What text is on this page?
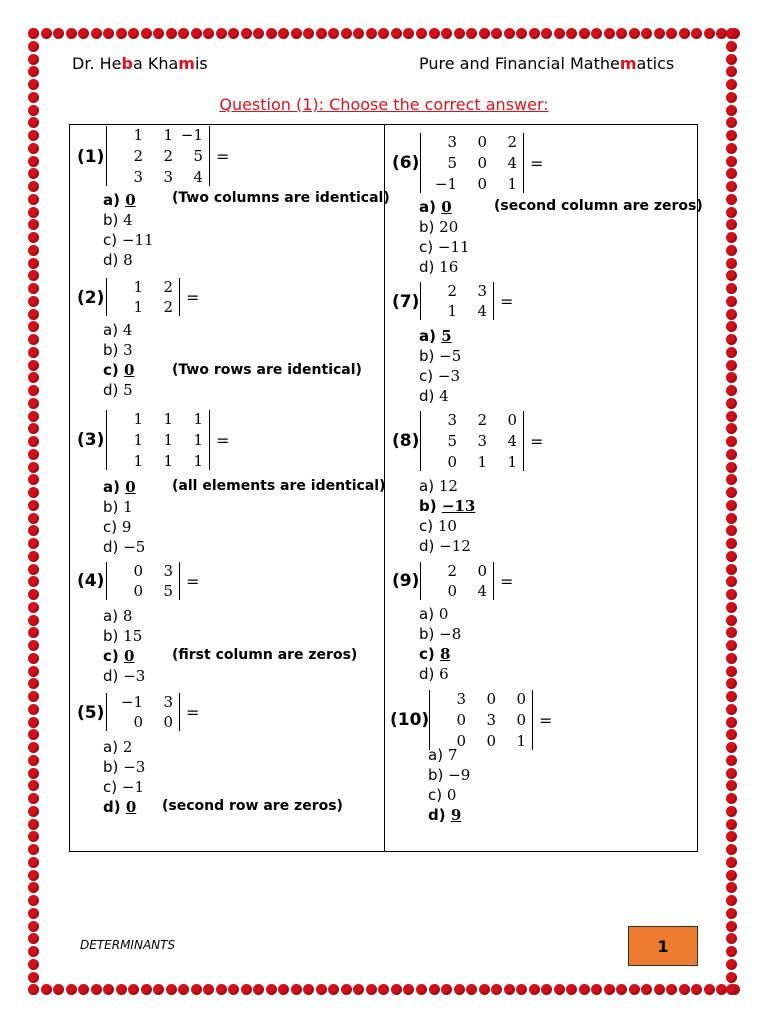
Dr. Heba Khamis	Pure and Financial Mathematics
Question (1): Choose the correct answer:
(1)
1	1 −1
2	2	5
3	3	4
=
a) 0
b) 4
c) −11
d) 8
(Two columns are identical)
(2)
1	2
1	2
=
a) 4
b) 3
c) 0
d) 5
(Two rows are identical)
(3)
1	1	1
1	1	1
1	1	1
=
a) 0
b) 1
c) 9
d) −5
(all elements are identical)
(4)	0	3
0	5
=
a) 8
b) 15
c) 0
d) −3
(first column are zeros)
(5)
−1	3
0	0
=
a) 2
b) −3
c) −1
d) 0	(second row are zeros)
(6)
3	0	2
5	0	4
−1	0	1
=
a) 0
b) 20
c) −11
d) 16
(second column are zeros)
(7)
2	3
1	4
=
a) 5
b) −5
c) −3
d) 4
(8)
3	2	0
5	3	4
0	1	1
=
a) 12
b) −13
c) 10
d) −12
(9)	2	0
0	4
=
a) 0
b) −8
c) 8
d) 6
(10)
3	0	0
0	3	0
0	0	1
=
a) 7
b) −9
c) 0
d) 9
DETERMINANTS	1
